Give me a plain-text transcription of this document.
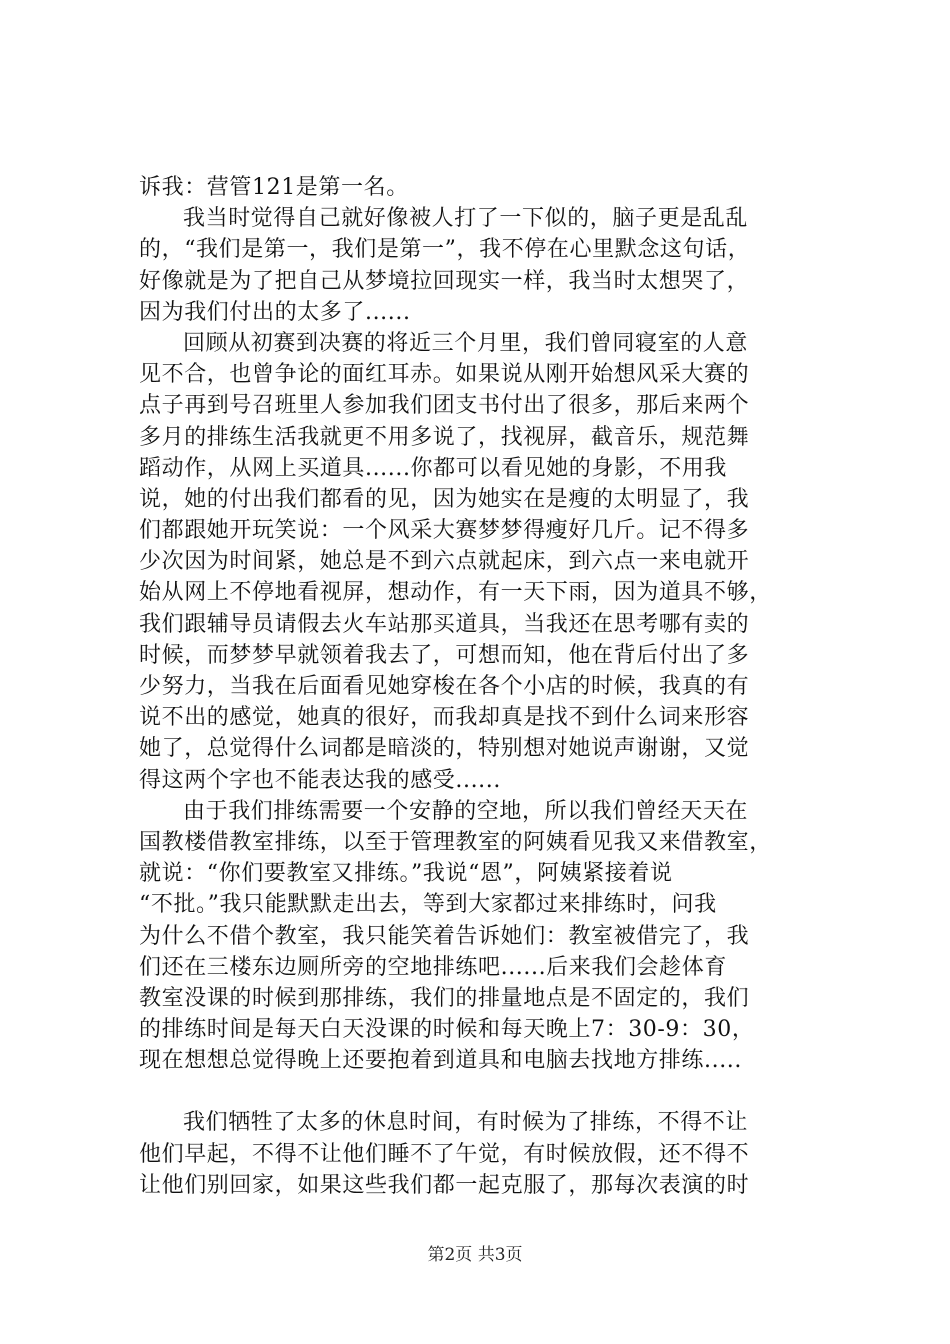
诉我：营管121是第一名。
我当时觉得自己就好像被人打了一下似的，脑子更是乱乱
的，“我们是第一，我们是第一”，我不停在心里默念这句话，
好像就是为了把自己从梦境拉回现实一样，我当时太想哭了，
因为我们付出的太多了......
回顾从初赛到决赛的将近三个月里，我们曾同寝室的人意
见不合，也曾争论的面红耳赤。如果说从刚开始想风采大赛的
点子再到号召班里人参加我们团支书付出了很多，那后来两个
多月的排练生活我就更不用多说了，找视屏，截音乐，规范舞
蹈动作，从网上买道具......你都可以看见她的身影，不用我
说，她的付出我们都看的见，因为她实在是瘦的太明显了，我
们都跟她开玩笑说：一个风采大赛梦梦得瘦好几斤。记不得多
少次因为时间紧，她总是不到六点就起床，到六点一来电就开
始从网上不停地看视屏，想动作，有一天下雨，因为道具不够，
我们跟辅导员请假去火车站那买道具，当我还在思考哪有卖的
时候，而梦梦早就领着我去了，可想而知，他在背后付出了多
少努力，当我在后面看见她穿梭在各个小店的时候，我真的有
说不出的感觉，她真的很好，而我却真是找不到什么词来形容
她了，总觉得什么词都是暗淡的，特别想对她说声谢谢，又觉
得这两个字也不能表达我的感受......
由于我们排练需要一个安静的空地，所以我们曾经天天在
国教楼借教室排练，以至于管理教室的阿姨看见我又来借教室，
就说：“你们要教室又排练。”我说“恩”，阿姨紧接着说
“不批。”我只能默默走出去，等到大家都过来排练时，问我
为什么不借个教室，我只能笑着告诉她们：教室被借完了，我
们还在三楼东边厕所旁的空地排练吧......后来我们会趁体育
教室没课的时候到那排练，我们的排量地点是不固定的，我们
的排练时间是每天白天没课的时候和每天晚上7：30-9：30，
现在想想总觉得晚上还要抱着到道具和电脑去找地方排练.....
我们牺牲了太多的休息时间，有时候为了排练，不得不让
他们早起，不得不让他们睡不了午觉，有时候放假，还不得不
让他们别回家，如果这些我们都一起克服了，那每次表演的时
第2页 共3页
